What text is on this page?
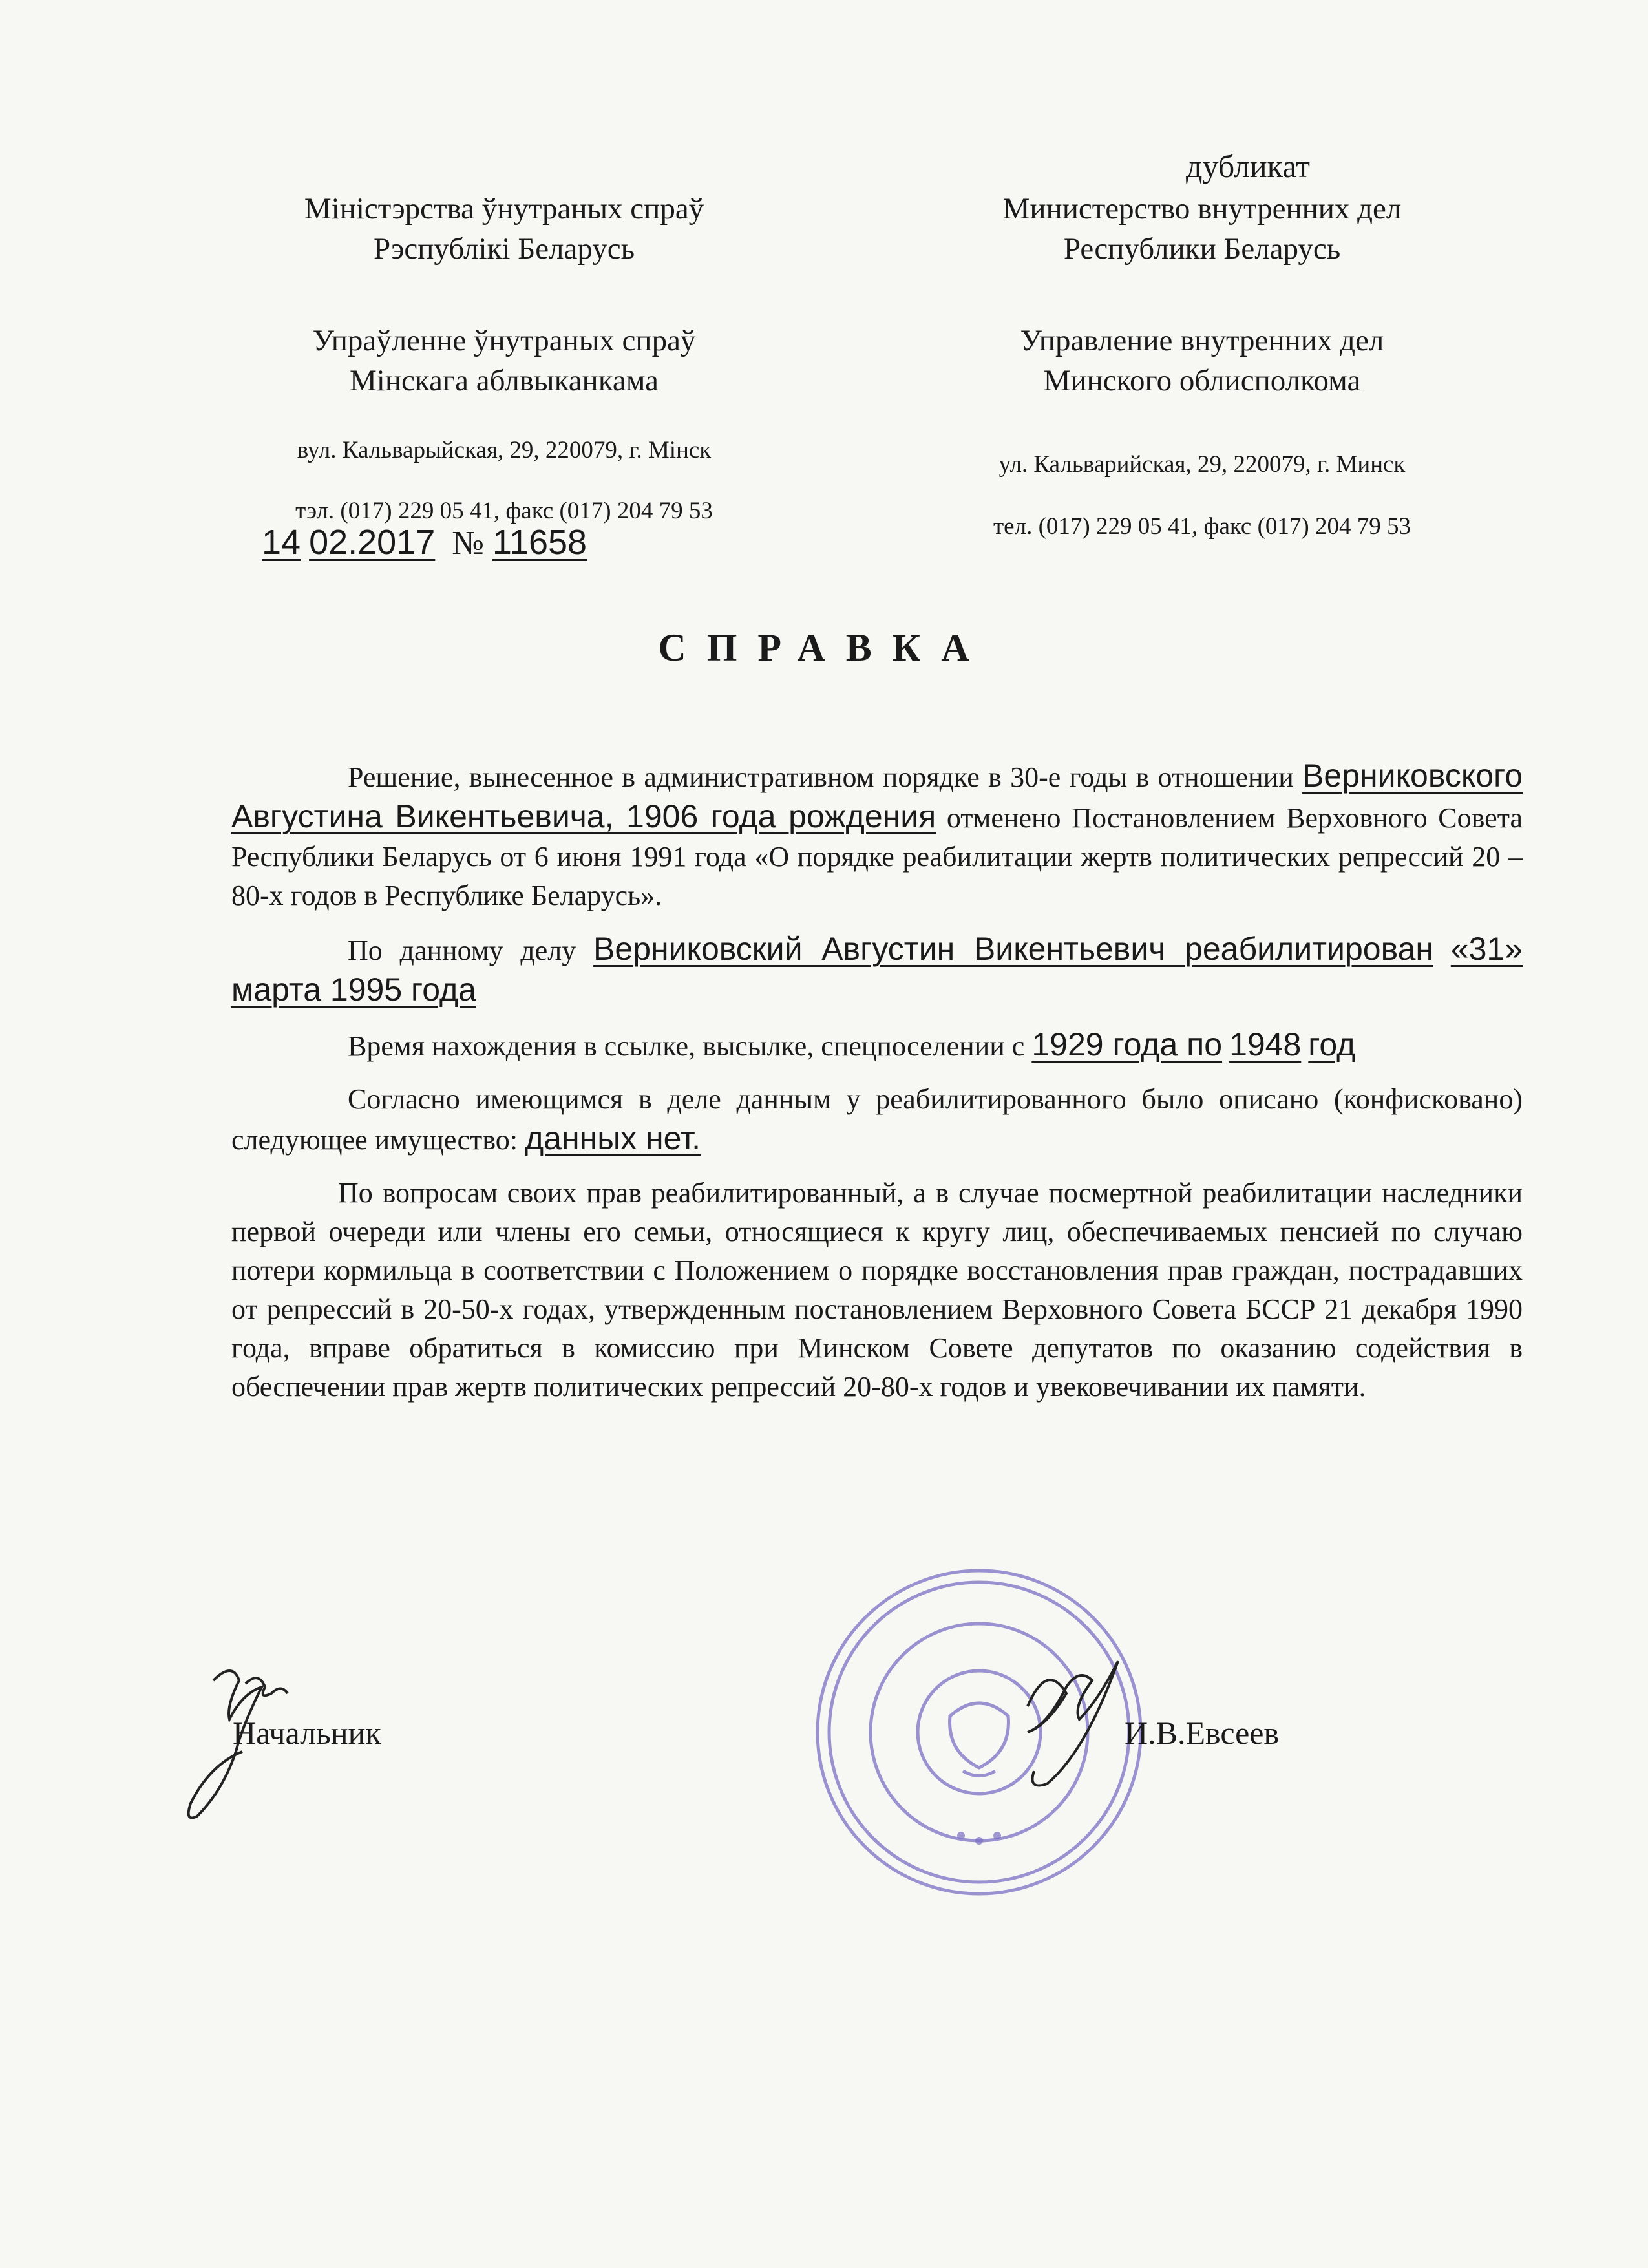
дубликат
Міністэрства ўнутраных спраў
Рэспублікі Беларусь
Упраўленне ўнутраных спраў
Мінскага аблвыканкама
вул. Кальварыйская, 29, 220079, г. Мінск
тэл. (017) 229 05 41, факс (017) 204 79 53
Министерство внутренних дел
Республики Беларусь
Управление внутренних дел
Минского облисполкома
ул. Кальварийская, 29, 220079, г. Минск
тел. (017) 229 05 41, факс (017) 204 79 53
14 02.2017 № 11658
СПРАВКА

Решение, вынесенное в административном порядке в 30-е годы в отношении Верниковского Августина Викентьевича, 1906 года рождения отменено Постановлением Верховного Совета Республики Беларусь от 6 июня 1991 года «О порядке реабилитации жертв политических репрессий 20 – 80-х годов в Республике Беларусь».

По данному делу Верниковский Августин Викентьевич реабилитирован «31» марта 1995 года

Время нахождения в ссылке, высылке, спецпоселении с 1929 года по 1948 год

Согласно имеющимся в деле данным у реабилитированного было описано (конфисковано) следующее имущество: данных нет.

По вопросам своих прав реабилитированный, а в случае посмертной реабилитации наследники первой очереди или члены его семьи, относящиеся к кругу лиц, обеспечиваемых пенсией по случаю потери кормильца в соответствии с Положением о порядке восстановления прав граждан, пострадавших от репрессий в 20-50-х годах, утвержденным постановлением Верховного Совета БССР 21 декабря 1990 года, вправе обратиться в комиссию при Минском Совете депутатов по оказанию содействия в обеспечении прав жертв политических репрессий 20-80-х годов и увековечивании их памяти.

Начальник	И.В.Евсеев
